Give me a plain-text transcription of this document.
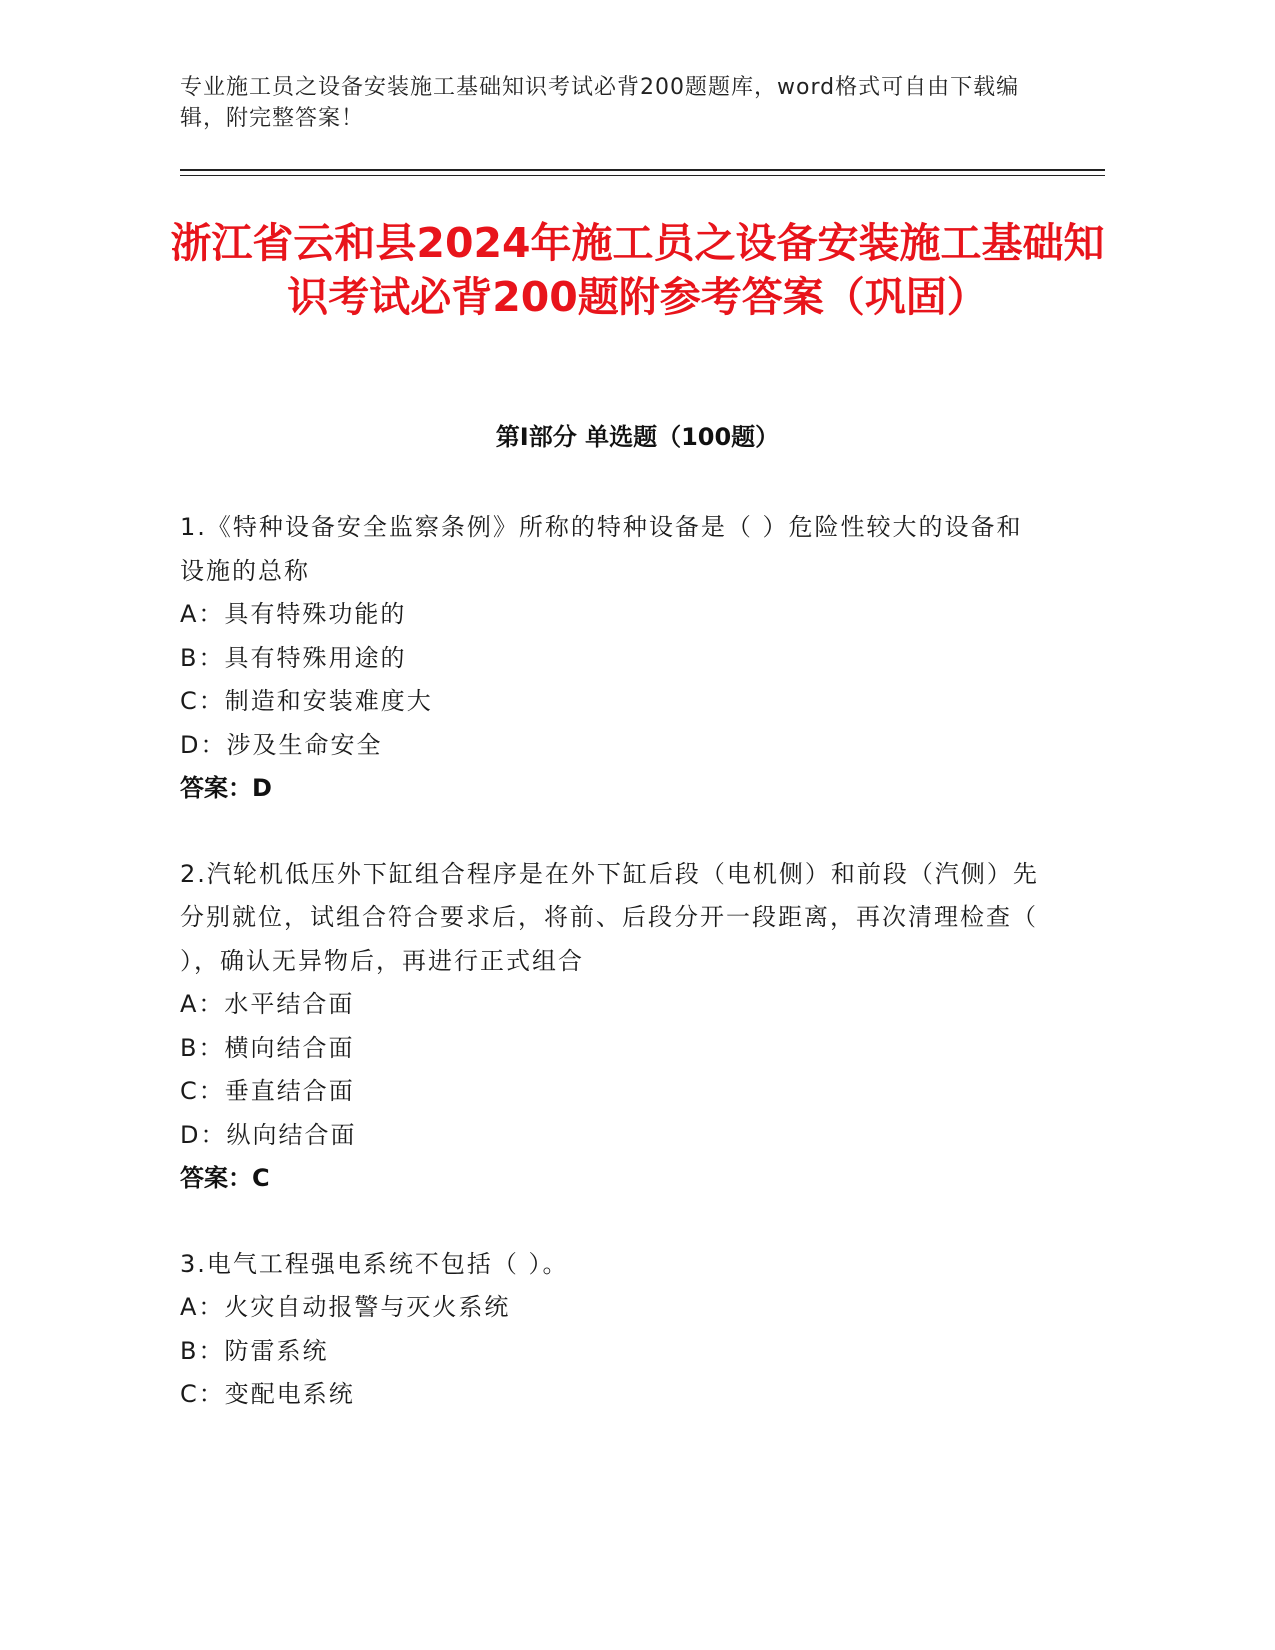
专业施工员之设备安装施工基础知识考试必背200题题库，word格式可自由下载编辑，附完整答案！
浙江省云和县2024年施工员之设备安装施工基础知识考试必背200题附参考答案（巩固）
第I部分 单选题（100题）
1.《特种设备安全监察条例》所称的特种设备是（ ）危险性较大的设备和设施的总称
A：具有特殊功能的
B：具有特殊用途的
C：制造和安装难度大
D：涉及生命安全
答案：D
2.汽轮机低压外下缸组合程序是在外下缸后段（电机侧）和前段（汽侧）先分别就位，试组合符合要求后，将前、后段分开一段距离，再次清理检查（ ），确认无异物后，再进行正式组合
A：水平结合面
B：横向结合面
C：垂直结合面
D：纵向结合面
答案：C
3.电气工程强电系统不包括（ ）。
A：火灾自动报警与灭火系统
B：防雷系统
C：变配电系统
